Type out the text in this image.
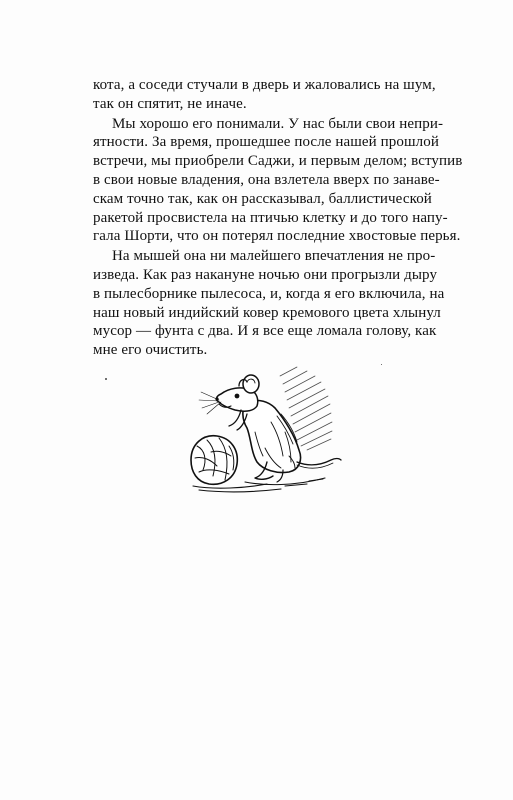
кота, а соседи стучали в дверь и жаловались на шум,
так он спятит, не иначе.
Мы хорошо его понимали. У нас были свои непри-
ятности. За время, прошедшее после нашей прошлой
встречи, мы приобрели Саджи, и первым делом; вступив
в свои новые владения, она взлетела вверх по занаве-
скам точно так, как он рассказывал, баллистической
ракетой просвистела на птичью клетку и до того напу-
гала Шорти, что он потерял последние хвостовые перья.
На мышей она ни малейшего впечатления не про-
изведа. Как раз накануне ночью они прогрызли дыру
в пылесборнике пылесоса, и, когда я его включила, на
наш новый индийский ковер кремового цвета хлынул
мусор — фунта с два. И я все еще ломала голову, как
мне его очистить.
